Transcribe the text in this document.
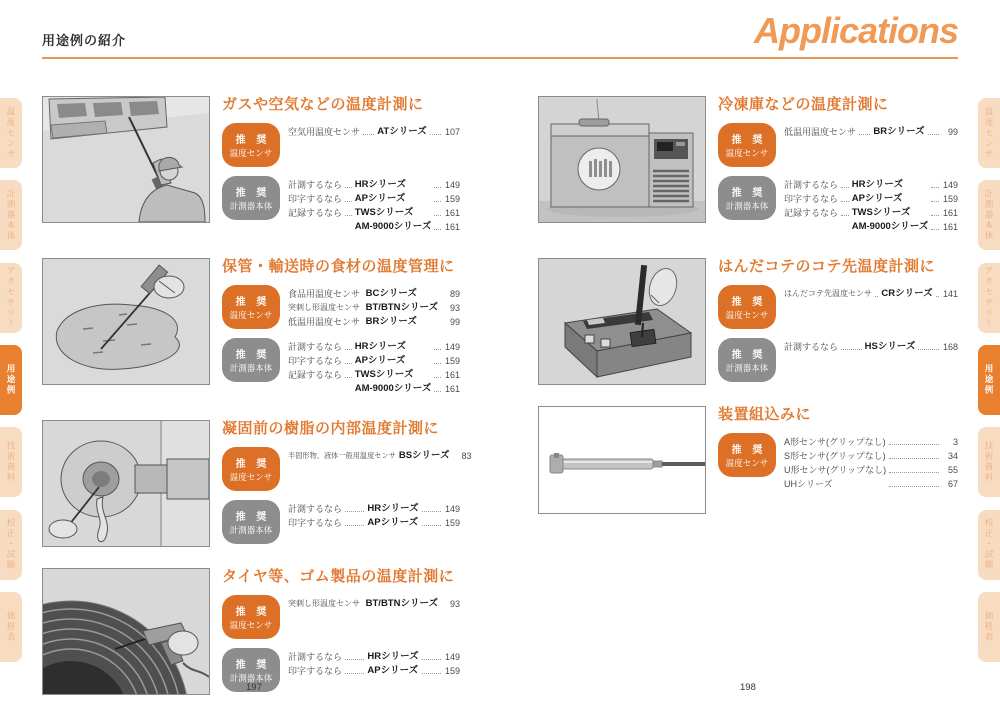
用途例の紹介	Applications
温度センサ
計測器本体
アクセサリー
用途例
技術資料
校正・試験
価格表
温度センサ
計測器本体
アクセサリー
用途例
技術資料
校正・試験
価格表
ガスや空気などの温度計測に
推 奨
温度センサ
空気用温度センサ ATシリーズ 107
推 奨
計測器本体
計測するなら HRシリーズ	149
印字するなら APシリーズ	159
記録するなら TWSシリーズ	161
AM-9000シリーズ 161
保管・輸送時の食材の温度管理に
推 奨
温度センサ
食品用温度センサ BCシリーズ	89
突刺し形温度センサ BT/BTNシリーズ	93
低温用温度センサ BRシリーズ	99
推 奨
計測器本体
計測するなら HRシリーズ	149
印字するなら APシリーズ	159
記録するなら TWSシリーズ	161
AM-9000シリーズ 161
凝固前の樹脂の内部温度計測に
推 奨
温度センサ
半固形物、液体一般用温度センサ BSシリーズ	83
推 奨
計測器本体
計測するなら	HRシリーズ	149
印字するなら	APシリーズ	159
タイヤ等、ゴム製品の温度計測に
推 奨
温度センサ
突刺し形温度センサ BT/BTNシリーズ	93
推 奨
計測器本体
計測するなら	HRシリーズ	149
印字するなら	APシリーズ	159
冷凍庫などの温度計測に
推 奨
温度センサ
低温用温度センサ BRシリーズ	99
推 奨
計測器本体
計測するなら HRシリーズ	149
印字するなら APシリーズ	159
記録するなら TWSシリーズ	161
AM-9000シリーズ 161
はんだコテのコテ先温度計測に
推 奨
温度センサ
はんだコテ先温度センサ CRシリーズ 141
推 奨
計測器本体
計測するなら	HSシリーズ	168
装置組込みに
推 奨
温度センサ
A形センサ(グリップなし)	3
S形センサ(グリップなし)	34
U形センサ(グリップなし)	55
UHシリーズ	67
197	198
